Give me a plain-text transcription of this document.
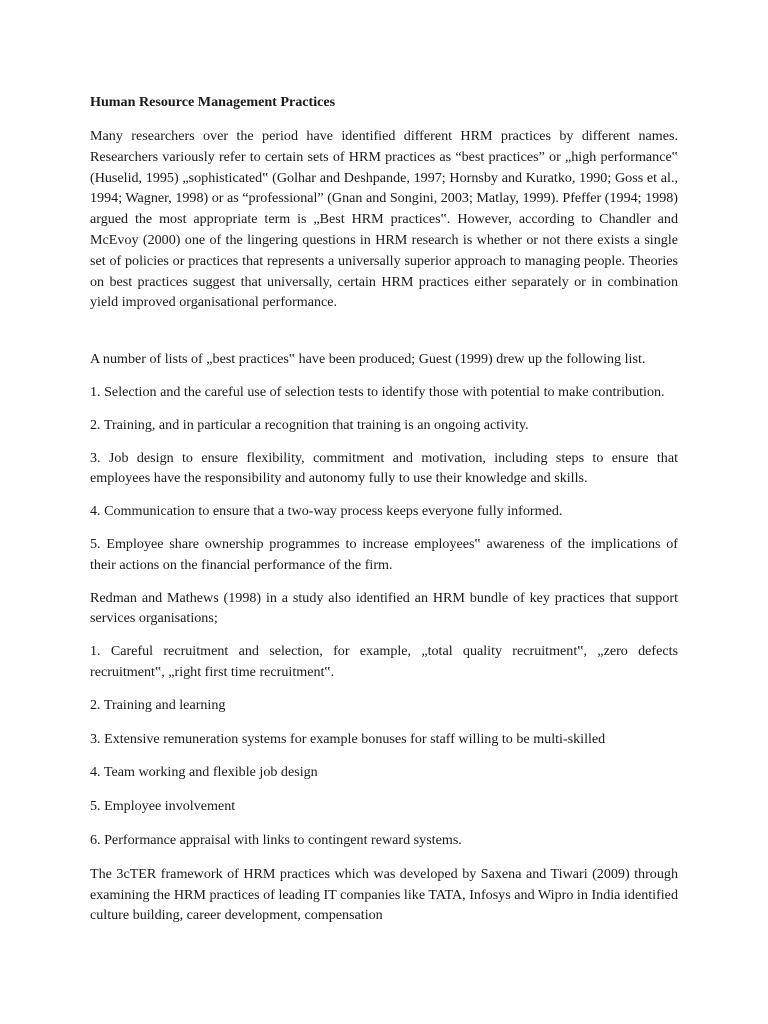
Human Resource Management Practices

Many researchers over the period have identified different HRM practices by different names. Researchers variously refer to certain sets of HRM practices as “best practices” or „high performance‟ (Huselid, 1995) „sophisticated‟ (Golhar and Deshpande, 1997; Hornsby and Kuratko, 1990; Goss et al., 1994; Wagner, 1998) or as “professional” (Gnan and Songini, 2003; Matlay, 1999). Pfeffer (1994; 1998) argued the most appropriate term is „Best HRM practices‟. However, according to Chandler and McEvoy (2000) one of the lingering questions in HRM research is whether or not there exists a single set of policies or practices that represents a universally superior approach to managing people. Theories on best practices suggest that universally, certain HRM practices either separately or in combination yield improved organisational performance.

A number of lists of „best practices‟ have been produced; Guest (1999) drew up the following list.

1. Selection and the careful use of selection tests to identify those with potential to make contribution.

2. Training, and in particular a recognition that training is an ongoing activity.

3. Job design to ensure flexibility, commitment and motivation, including steps to ensure that employees have the responsibility and autonomy fully to use their knowledge and skills.

4. Communication to ensure that a two-way process keeps everyone fully informed.

5. Employee share ownership programmes to increase employees‟ awareness of the implications of their actions on the financial performance of the firm.

Redman and Mathews (1998) in a study also identified an HRM bundle of key practices that support services organisations;

1. Careful recruitment and selection, for example, „total quality recruitment‟, „zero defects recruitment‟, „right first time recruitment‟.

2. Training and learning

3. Extensive remuneration systems for example bonuses for staff willing to be multi-skilled

4. Team working and flexible job design

5. Employee involvement

6. Performance appraisal with links to contingent reward systems.

The 3cTER framework of HRM practices which was developed by Saxena and Tiwari (2009) through examining the HRM practices of leading IT companies like TATA, Infosys and Wipro in India identified culture building, career development, compensation
